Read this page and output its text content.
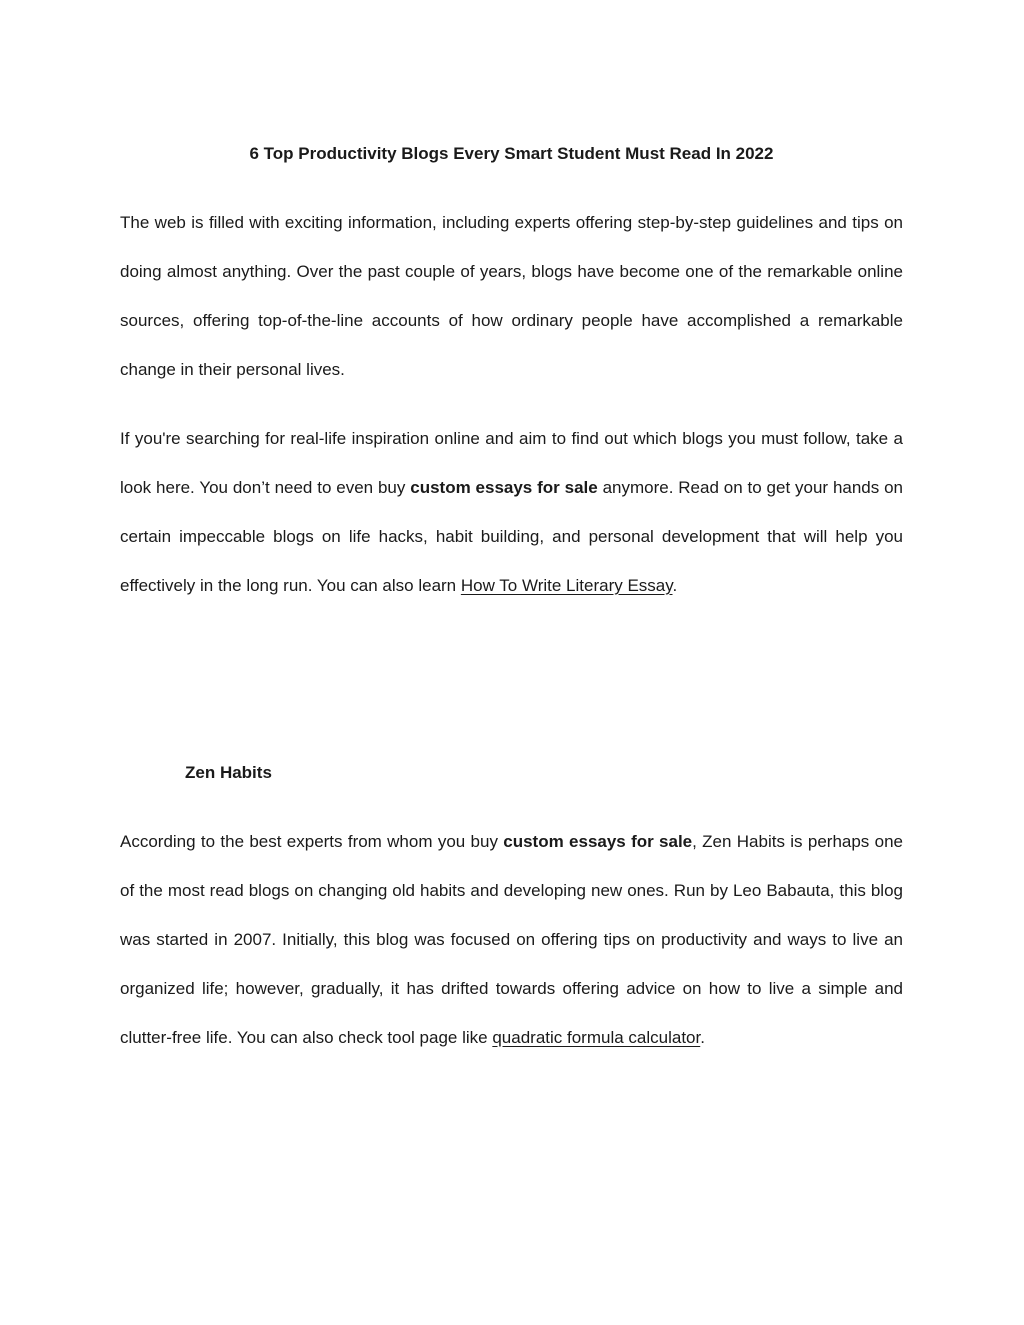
6 Top Productivity Blogs Every Smart Student Must Read In 2022

The web is filled with exciting information, including experts offering step-by-step guidelines and tips on doing almost anything. Over the past couple of years, blogs have become one of the remarkable online sources, offering top-of-the-line accounts of how ordinary people have accomplished a remarkable change in their personal lives.

If you're searching for real-life inspiration online and aim to find out which blogs you must follow, take a look here. You don’t need to even buy custom essays for sale anymore. Read on to get your hands on certain impeccable blogs on life hacks, habit building, and personal development that will help you effectively in the long run. You can also learn How To Write Literary Essay.

Zen Habits

According to the best experts from whom you buy custom essays for sale, Zen Habits is perhaps one of the most read blogs on changing old habits and developing new ones. Run by Leo Babauta, this blog was started in 2007. Initially, this blog was focused on offering tips on productivity and ways to live an organized life; however, gradually, it has drifted towards offering advice on how to live a simple and clutter-free life. You can also check tool page like quadratic formula calculator.
